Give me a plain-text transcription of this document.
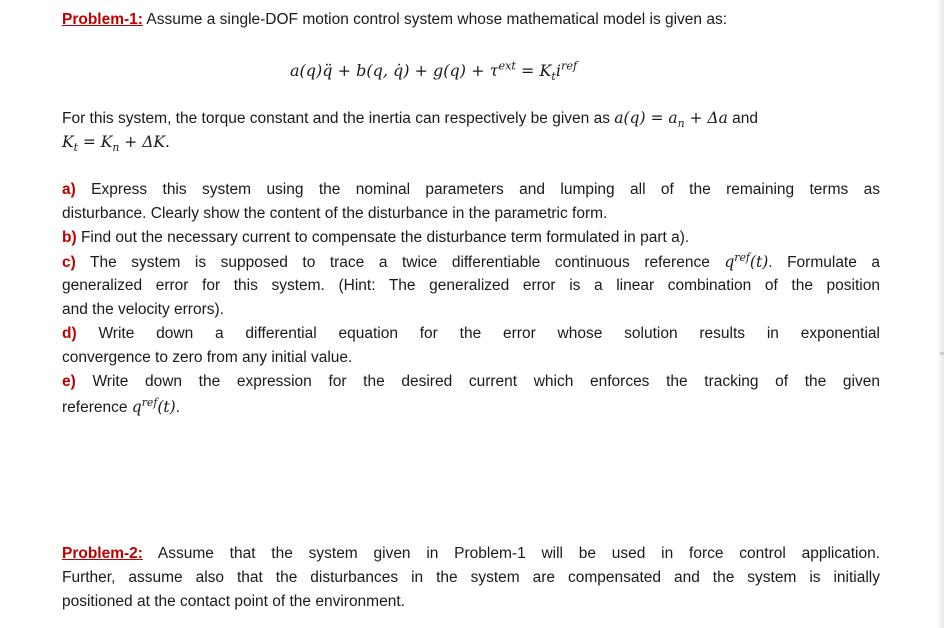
Problem-1: Assume a single-DOF motion control system whose mathematical model is given as:
a(q)q̈ + b(q, q̇) + $g(q) + \tau^{ext} = K_ti^{ref}$
For this system, the torque constant and the inertia can respectively be given as $a(q) = a_n + \Delta a$ and
$K_t = K_n + \Delta K$.
a) Express this system using the nominal parameters and lumping all of the remaining terms as
disturbance. Clearly show the content of the disturbance in the parametric form.
b) Find out the necessary current to compensate the disturbance term formulated in part a).
c) The system is supposed to trace a twice differentiable continuous reference $q^{ref}(t)$. Formulate a
generalized error for this system. (Hint: The generalized error is a linear combination of the position
and the velocity errors).
d) Write down a differential equation for the error whose solution results in exponential
convergence to zero from any initial value.
e) Write down the expression for the desired current which enforces the tracking of the given
reference $q^{ref}(t)$.
Problem-2: Assume that the system given in Problem-1 will be used in force control application.
Further, assume also that the disturbances in the system are compensated and the system is initially
positioned at the contact point of the environment.
